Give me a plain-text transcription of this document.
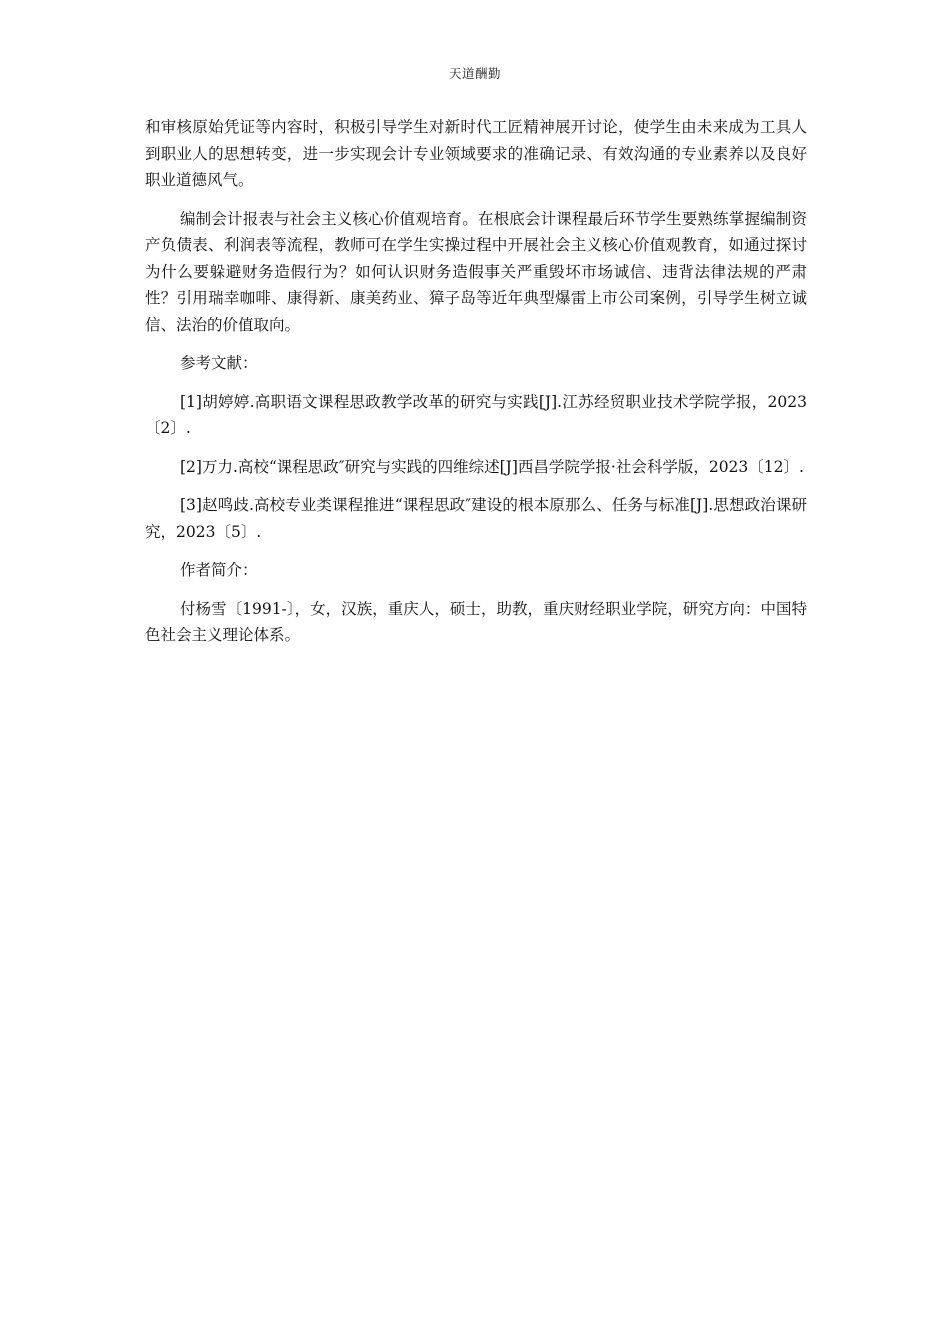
天道酬勤

和审核原始凭证等内容时，积极引导学生对新时代工匠精神展开讨论，使学生由未来成为工具人到职业人的思想转变，进一步实现会计专业领域要求的准确记录、有效沟通的专业素养以及良好职业道德风气。

编制会计报表与社会主义核心价值观培育。在根底会计课程最后环节学生要熟练掌握编制资产负债表、利润表等流程，教师可在学生实操过程中开展社会主义核心价值观教育，如通过探讨为什么要躲避财务造假行为？如何认识财务造假事关严重毁坏市场诚信、违背法律法规的严肃性？引用瑞幸咖啡、康得新、康美药业、獐子岛等近年典型爆雷上市公司案例，引导学生树立诚信、法治的价值取向。

参考文献：

[1]胡婷婷.高职语文课程思政教学改革的研究与实践[J].江苏经贸职业技术学院学报，2023〔2〕.

[2]万力.高校“课程思政″研究与实践的四维综述[J]西昌学院学报·社会科学版，2023〔12〕.

[3]赵鸣歧.高校专业类课程推进“课程思政″建设的根本原那么、任务与标准[J].思想政治课研究，2023〔5〕.

作者简介：

付杨雪〔1991-〕，女，汉族，重庆人，硕士，助教，重庆财经职业学院，研究方向：中国特色社会主义理论体系。
